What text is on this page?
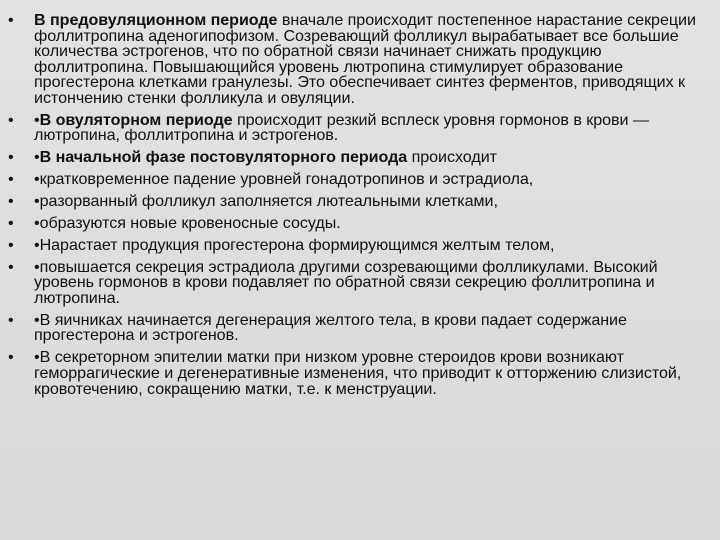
•	В предовуляционном периоде вначале происходит постепенное нарастание секреции фоллитропина аденогипофизом. Созревающий фолликул вырабатывает все большие количества эстрогенов, что по обратной связи начинает снижать продукцию фоллитропина. Повышающийся уровень лютропина стимулирует образование прогестерона клетками гранулезы. Это обеспечивает синтез ферментов, приводящих к истончению стенки фолликула и овуляции.
•	•В овуляторном периоде происходит резкий всплеск уровня гормонов в крови —лютропина, фоллитропина и эстрогенов.
•	•В начальной фазе постовуляторного периода происходит
•	•кратковременное падение уровней гонадотропинов и эстрадиола,
•	•разорванный фолликул заполняется лютеальными клетками,
•	•образуются новые кровеносные сосуды.
•	•Нарастает продукция прогестерона формирующимся желтым телом,
•	•повышается секреция эстрадиола другими созревающими фолликулами. Высокий уровень гормонов в крови подавляет по обратной связи секрецию фоллитропина и лютропина.
•	•В яичниках начинается дегенерация желтого тела, в крови падает содержание прогестерона и эстрогенов.
•	•В секреторном эпителии матки при низком уровне стероидов крови возникают геморрагические и дегенеративные изменения, что приводит к отторжению слизистой, кровотечению, сокращению матки, т.е. к менструации.
